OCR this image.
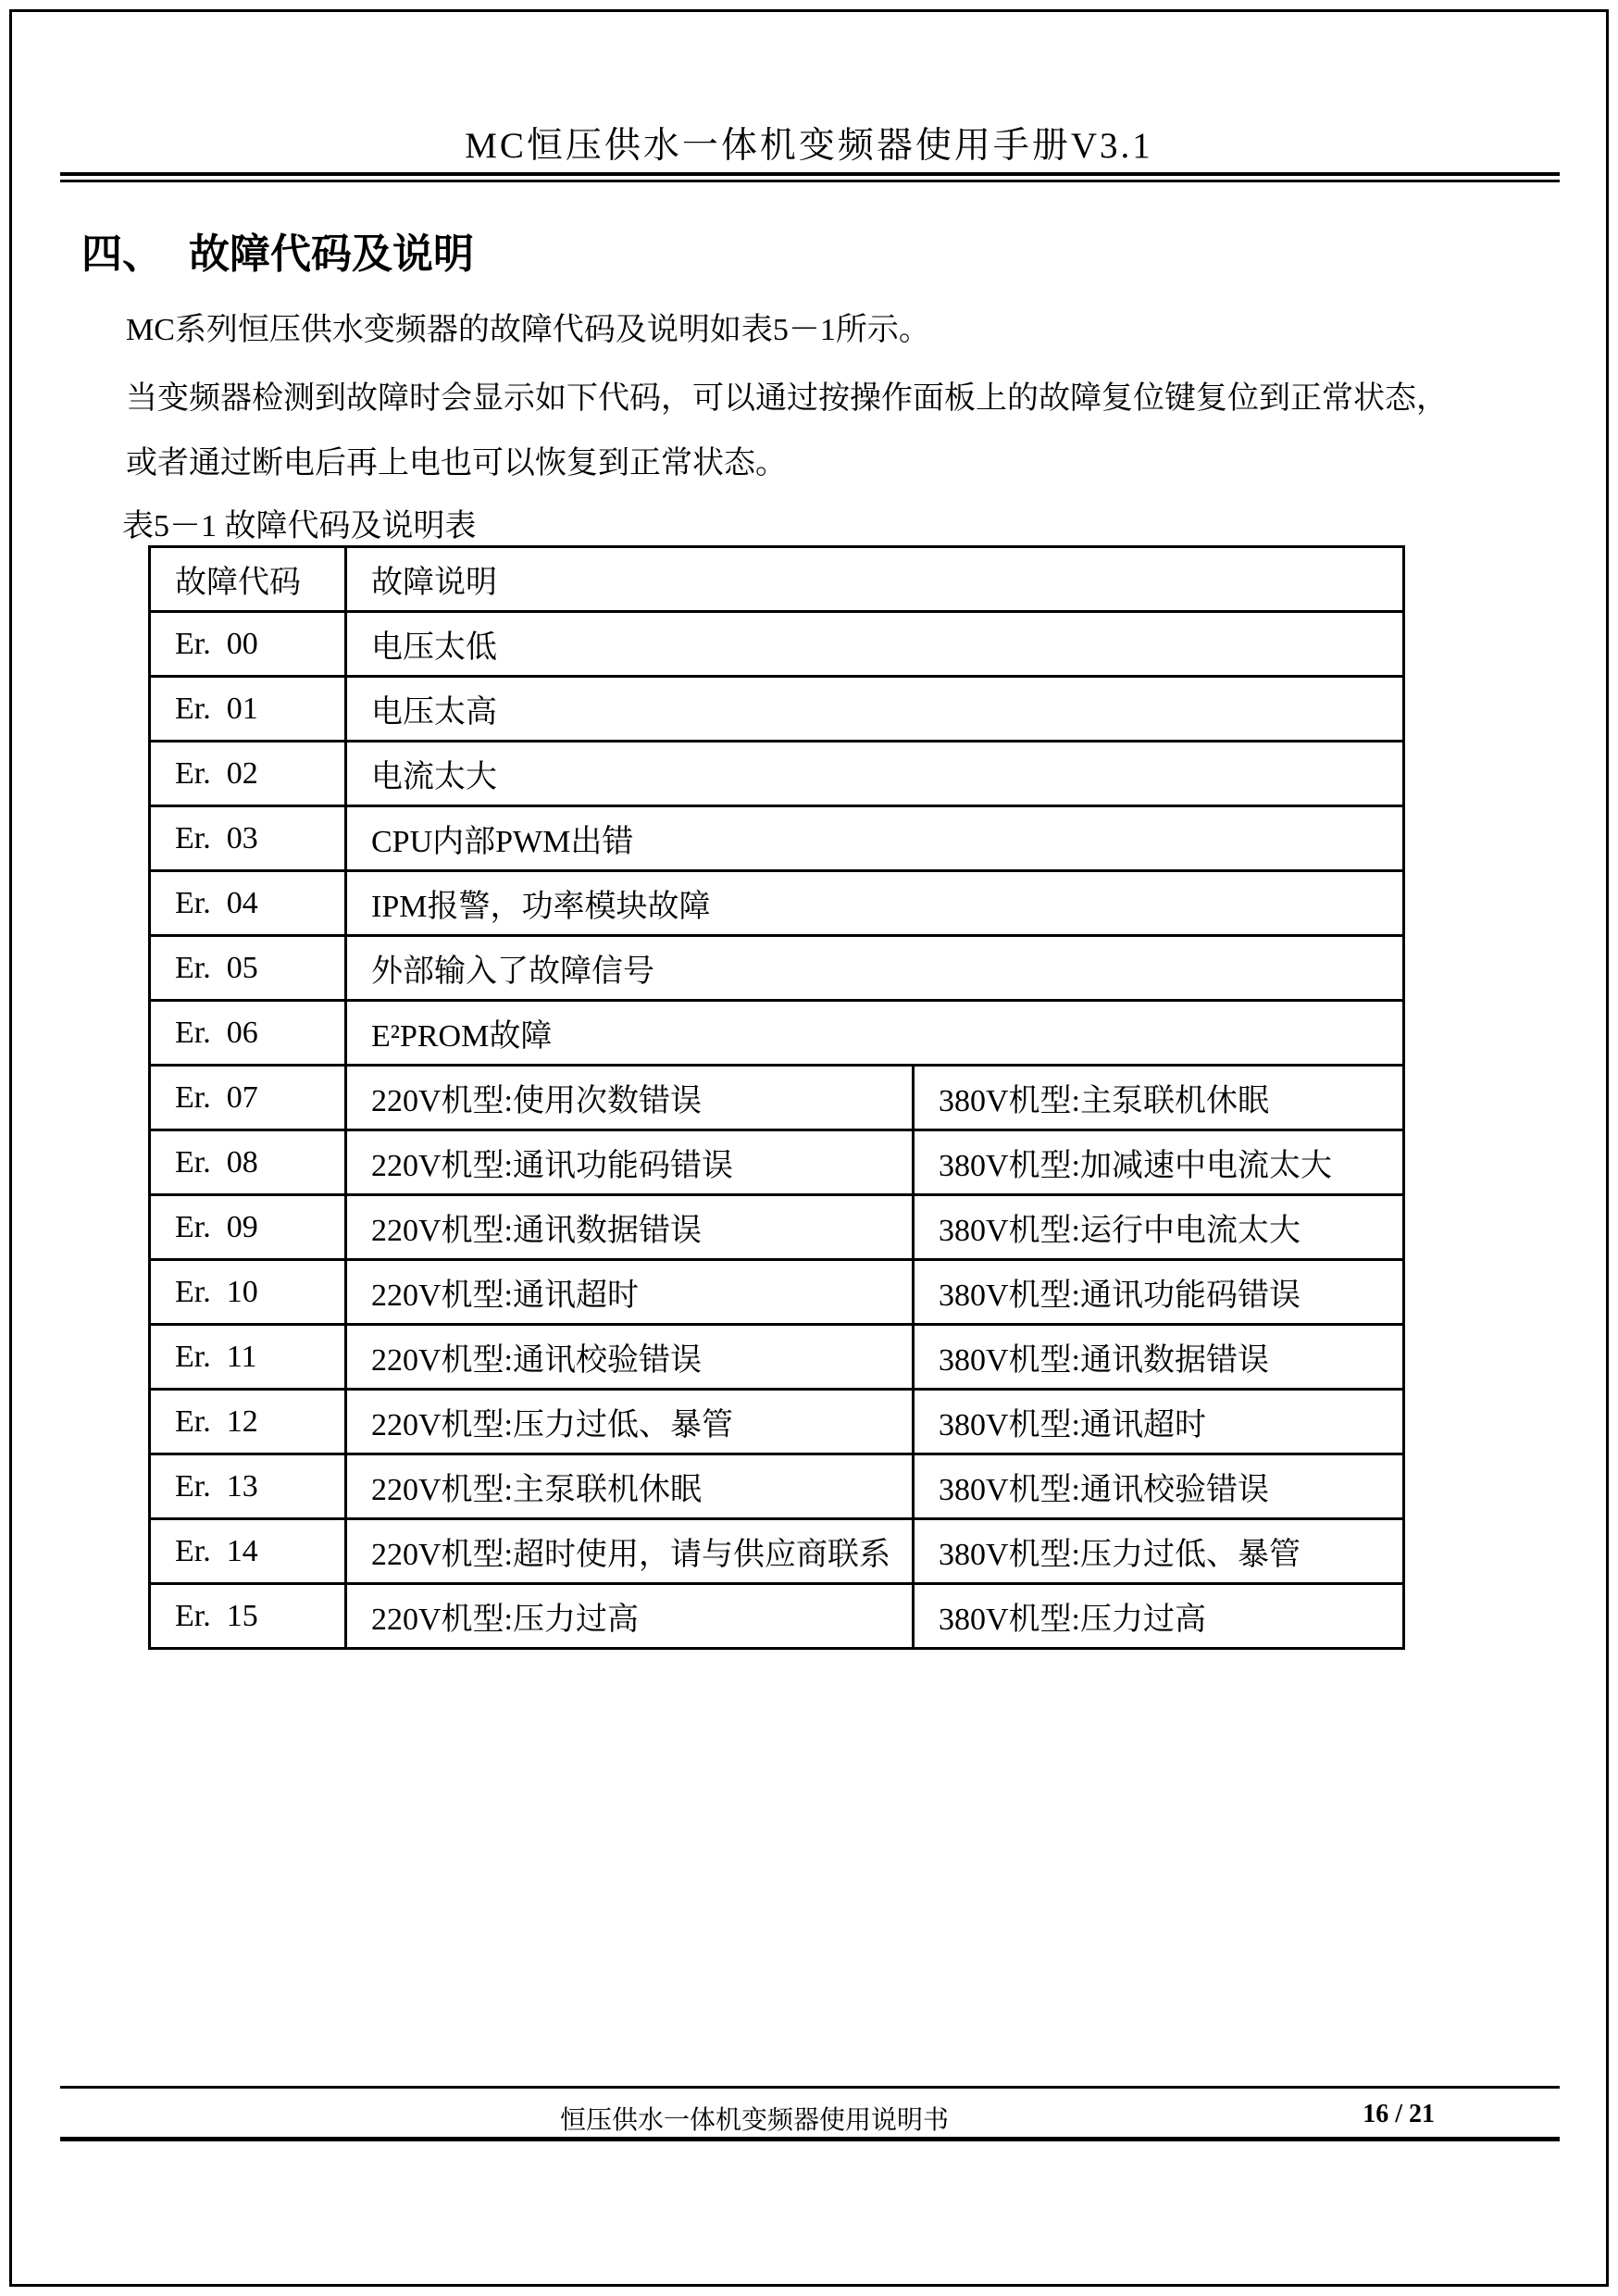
MC恒压供水一体机变频器使用手册V3.1
四、 故障代码及说明
MC系列恒压供水变频器的故障代码及说明如表5－1所示。
当变频器检测到故障时会显示如下代码，可以通过按操作面板上的故障复位键复位到正常状态，
或者通过断电后再上电也可以恢复到正常状态。
表5－1 故障代码及说明表
故障代码	故障说明	
Er.  00	电压太低	
Er.  01	电压太高	
Er.  02	电流太大	
Er.  03	CPU内部PWM出错	
Er.  04	IPM报警，功率模块故障	
Er.  05	外部输入了故障信号	
Er.  06	E²PROM故障	
Er.  07	220V机型:使用次数错误	380V机型:主泵联机休眠
Er.  08	220V机型:通讯功能码错误	380V机型:加减速中电流太大
Er.  09	220V机型:通讯数据错误	380V机型:运行中电流太大
Er.  10	220V机型:通讯超时	380V机型:通讯功能码错误
Er.  11	220V机型:通讯校验错误	380V机型:通讯数据错误
Er.  12	220V机型:压力过低、暴管	380V机型:通讯超时
Er.  13	220V机型:主泵联机休眠	380V机型:通讯校验错误
Er.  14	220V机型:超时使用，请与供应商联系	380V机型:压力过低、暴管
Er.  15	220V机型:压力过高	380V机型:压力过高
恒压供水一体机变频器使用说明书	16 / 21
